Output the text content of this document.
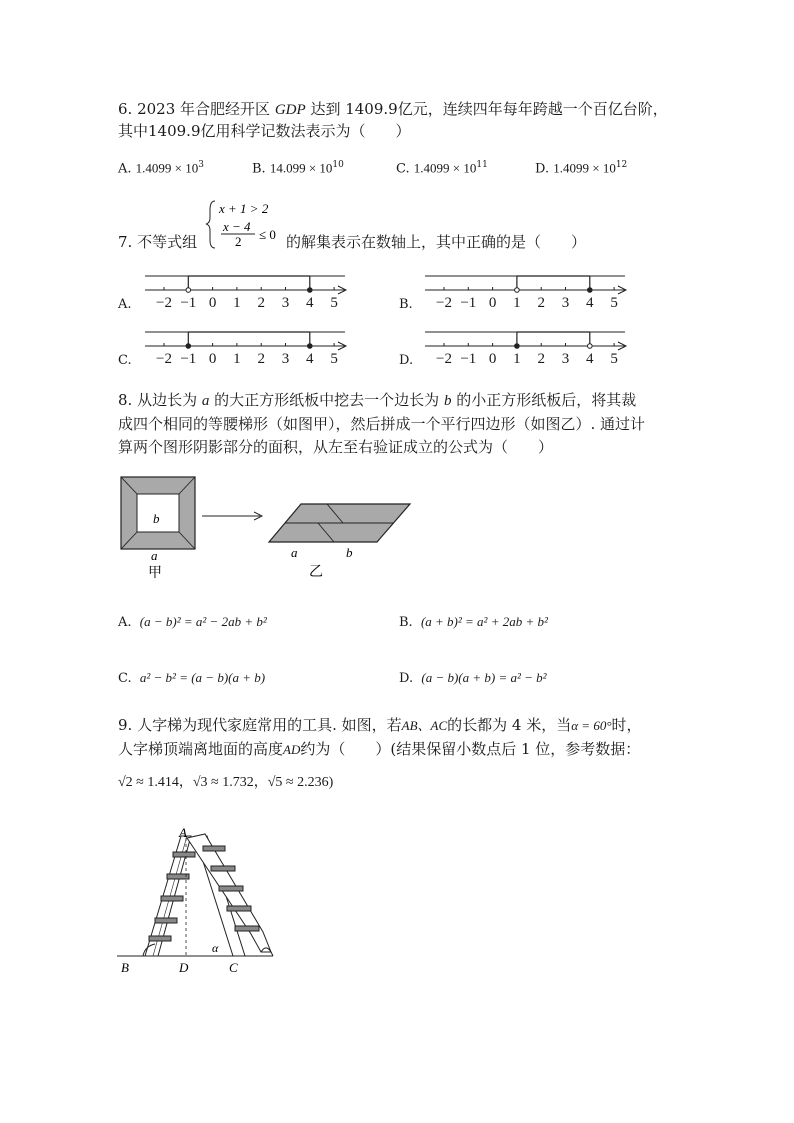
6. 2023 年合肥经开区 GDP 达到 1409.9亿元，连续四年每年跨越一个百亿台阶，
其中1409.9亿用科学记数法表示为（　　）
A. $1.4099 \times 10^3$	B. $14.099 \times 10^{10}$	C. $1.4099 \times 10^{11}$	D. $1.4099 \times 10^{12}$
7. 不等式组
x + 1 > 2
x − 4
2 ≤ 0 的解集表示在数轴上，其中正确的是（　　）
A. −2 −1 0 1 2 3 4 5	B. −2 −1 0 1 2 3 4 5
C. −2 −1 0 1 2 3 4 5	D. −2 −1 0 1 2 3 4 5
8. 从边长为 a 的大正方形纸板中挖去一个边长为 b 的小正方形纸板后，将其裁
成四个相同的等腰梯形（如图甲），然后拼成一个平行四边形（如图乙）. 通过计
算两个图形阴影部分的面积，从左至右验证成立的公式为（　　）
b
a
甲
a	b
乙
A. (a − b)² = a² − 2ab + b²	B. (a + b)² = a² + 2ab + b²
C. a² − b² = (a − b)(a + b)	D. (a − b)(a + b) = a² − b²
9. 人字梯为现代家庭常用的工具. 如图，若AB、AC的长都为 4 米，当α = 60°时，
人字梯顶端离地面的高度AD约为（　　）(结果保留小数点后 1 位，参考数据：
√2 ≈ 1.414，√3 ≈ 1.732，√5 ≈ 2.236)
A
B	D	C
α
